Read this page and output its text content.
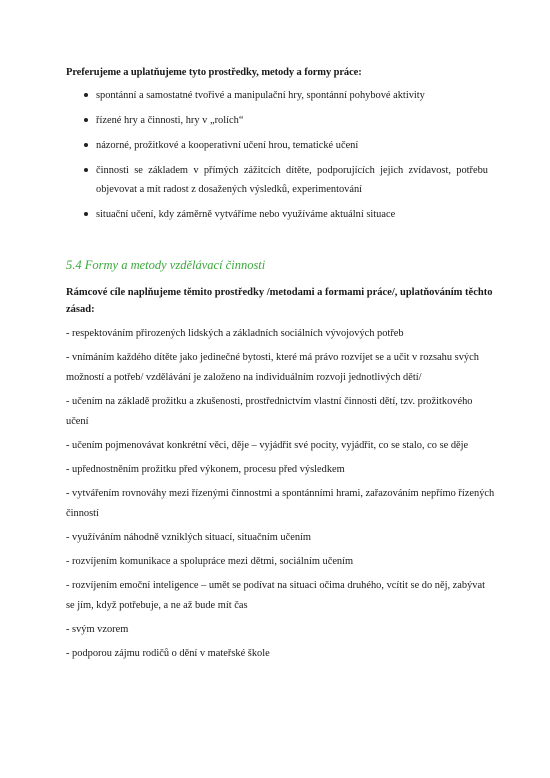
Preferujeme a uplatňujeme tyto prostředky, metody a formy práce:
spontánní a samostatné tvořivé a manipulační hry, spontánní pohybové aktivity
řízené hry a činnosti, hry v „rolích“
názorné, prožitkové a kooperativní učení hrou, tematické učení
činnosti se základem v přímých zážitcích dítěte, podporujících jejich zvídavost, potřebu objevovat a mít radost z dosažených výsledků, experimentování
situační učení, kdy záměrně vytváříme nebo využíváme aktuální situace
5.4 Formy a metody vzdělávací činnosti
Rámcové cíle naplňujeme těmito prostředky /metodami a formami práce/, uplatňováním těchto zásad:
- respektováním přirozených lidských a základních sociálních vývojových potřeb
- vnímáním každého dítěte jako jedinečné bytosti, které má právo rozvíjet se a učit v rozsahu svých možností a potřeb/ vzdělávání je založeno na individuálním rozvoji jednotlivých dětí/
- učením na základě prožitku a zkušenosti, prostřednictvím vlastní činnosti dětí, tzv. prožitkového učení
- učením pojmenovávat konkrétní věci, děje – vyjádřit své pocity, vyjádřit, co se stalo, co se děje
- upřednostněním prožitku před výkonem, procesu před výsledkem
- vytvářením rovnováhy mezi řízenými činnostmi a spontánními hrami, zařazováním nepřímo řízených činností
- využíváním náhodně vzniklých situací, situačním učením
- rozvíjením komunikace a spolupráce mezi dětmi, sociálním učením
- rozvíjením emoční inteligence – umět se podívat na situaci očima druhého, vcítit se do něj, zabývat se jím, když potřebuje, a ne až bude mít čas
- svým vzorem
- podporou zájmu rodičů o dění v mateřské škole
